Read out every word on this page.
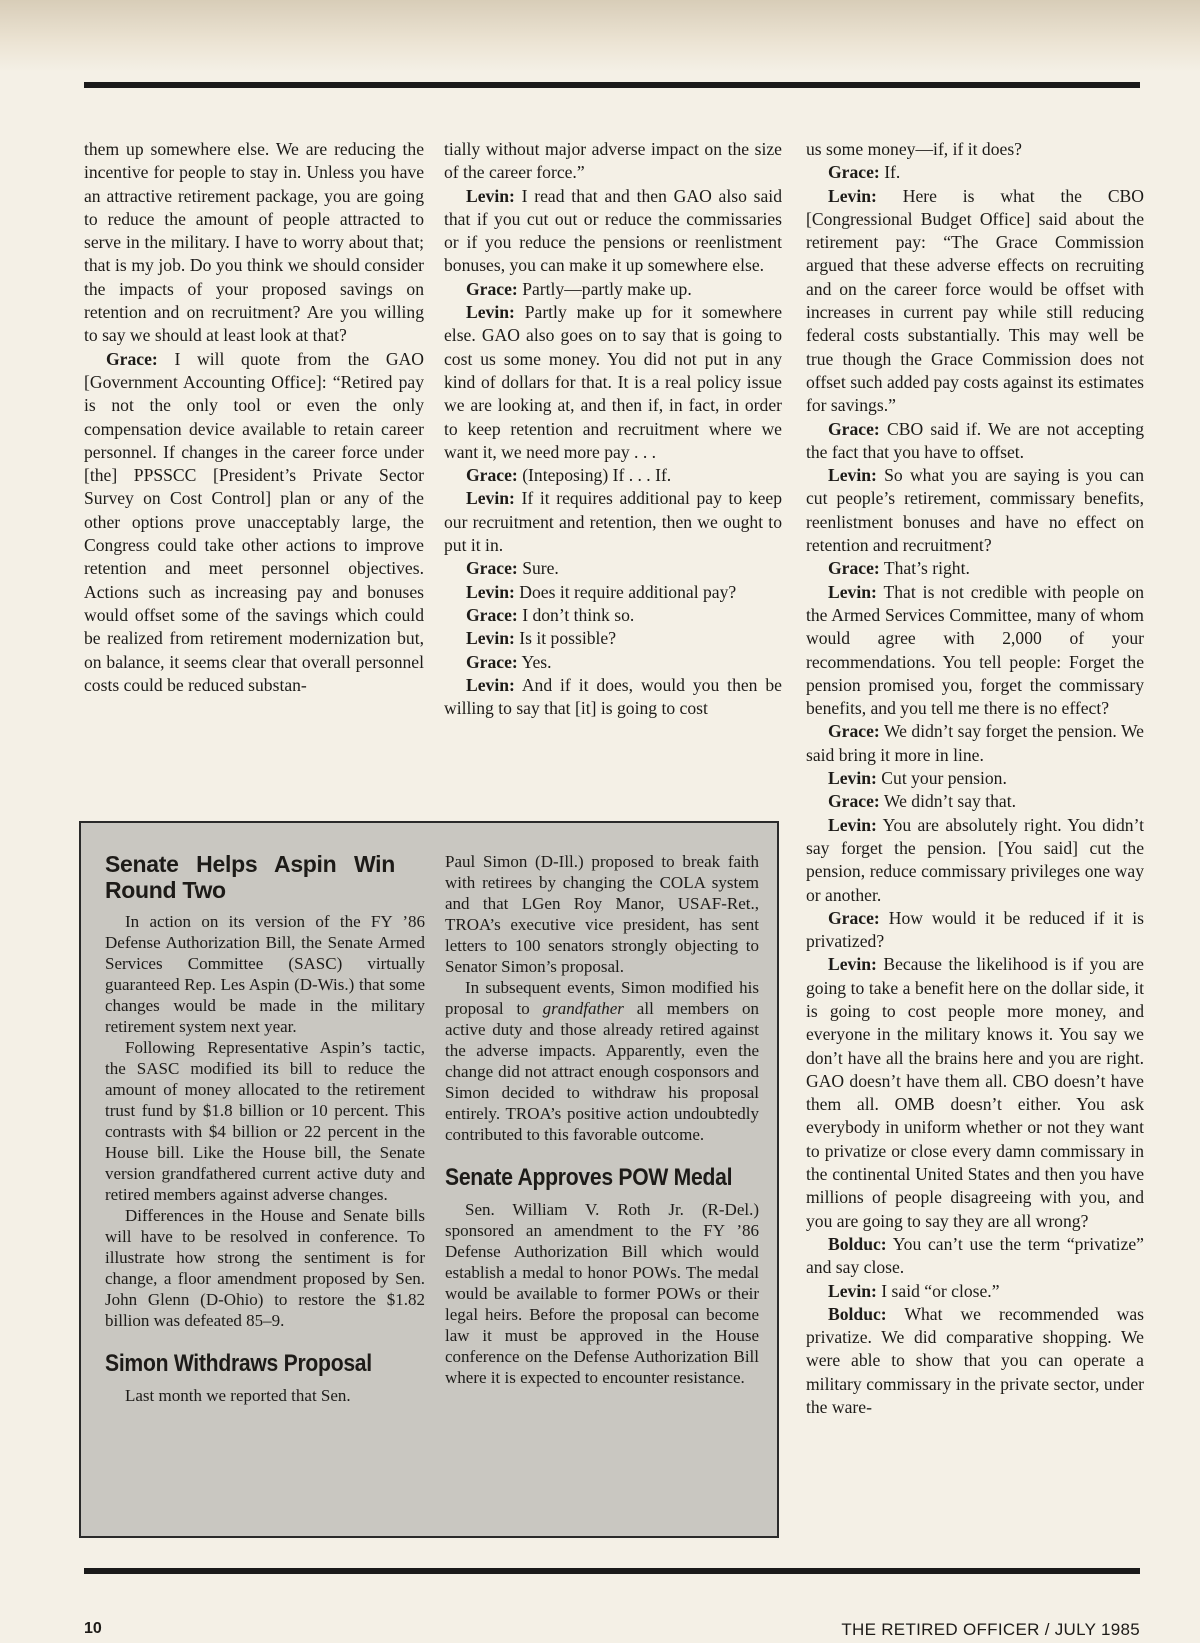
them up somewhere else. We are reducing the incentive for people to stay in. Unless you have an attractive retirement package, you are going to reduce the amount of people attracted to serve in the military. I have to worry about that; that is my job. Do you think we should consider the impacts of your proposed savings on retention and on recruitment? Are you willing to say we should at least look at that?

Grace: I will quote from the GAO [Government Accounting Office]: “Retired pay is not the only tool or even the only compensation device available to retain career personnel. If changes in the career force under [the] PPSSCC [President’s Private Sector Survey on Cost Control] plan or any of the other options prove unacceptably large, the Congress could take other actions to improve retention and meet personnel objectives. Actions such as increasing pay and bonuses would offset some of the savings which could be realized from retirement modernization but, on balance, it seems clear that overall personnel costs could be reduced substan-

tially without major adverse impact on the size of the career force.”

Levin: I read that and then GAO also said that if you cut out or reduce the commissaries or if you reduce the pensions or reenlistment bonuses, you can make it up somewhere else.

Grace: Partly—partly make up.

Levin: Partly make up for it somewhere else. GAO also goes on to say that is going to cost us some money. You did not put in any kind of dollars for that. It is a real policy issue we are looking at, and then if, in fact, in order to keep retention and recruitment where we want it, we need more pay . . .

Grace: (Inteposing) If . . . If.

Levin: If it requires additional pay to keep our recruitment and retention, then we ought to put it in.

Grace: Sure.

Levin: Does it require additional pay?

Grace: I don’t think so.

Levin: Is it possible?

Grace: Yes.

Levin: And if it does, would you then be willing to say that [it] is going to cost

us some money—if, if it does?

Grace: If.

Levin: Here is what the CBO [Congressional Budget Office] said about the retirement pay: “The Grace Commission argued that these adverse effects on recruiting and on the career force would be offset with increases in current pay while still reducing federal costs substantially. This may well be true though the Grace Commission does not offset such added pay costs against its estimates for savings.”

Grace: CBO said if. We are not accepting the fact that you have to offset.

Levin: So what you are saying is you can cut people’s retirement, commissary benefits, reenlistment bonuses and have no effect on retention and recruitment?

Grace: That’s right.

Levin: That is not credible with people on the Armed Services Committee, many of whom would agree with 2,000 of your recommendations. You tell people: Forget the pension promised you, forget the commissary benefits, and you tell me there is no effect?

Grace: We didn’t say forget the pension. We said bring it more in line.

Levin: Cut your pension.

Grace: We didn’t say that.

Levin: You are absolutely right. You didn’t say forget the pension. [You said] cut the pension, reduce commissary privileges one way or another.

Grace: How would it be reduced if it is privatized?

Levin: Because the likelihood is if you are going to take a benefit here on the dollar side, it is going to cost people more money, and everyone in the military knows it. You say we don’t have all the brains here and you are right. GAO doesn’t have them all. CBO doesn’t have them all. OMB doesn’t either. You ask everybody in uniform whether or not they want to privatize or close every damn commissary in the continental United States and then you have millions of people disagreeing with you, and you are going to say they are all wrong?

Bolduc: You can’t use the term “privatize” and say close.

Levin: I said “or close.”

Bolduc: What we recommended was privatize. We did comparative shopping. We were able to show that you can operate a military commissary in the private sector, under the ware-

Senate Helps Aspin Win Round Two

In action on its version of the FY ’86 Defense Authorization Bill, the Senate Armed Services Committee (SASC) virtually guaranteed Rep. Les Aspin (D-Wis.) that some changes would be made in the military retirement system next year.

Following Representative Aspin’s tactic, the SASC modified its bill to reduce the amount of money allocated to the retirement trust fund by $1.8 billion or 10 percent. This contrasts with $4 billion or 22 percent in the House bill. Like the House bill, the Senate version grandfathered current active duty and retired members against adverse changes.

Differences in the House and Senate bills will have to be resolved in conference. To illustrate how strong the sentiment is for change, a floor amendment proposed by Sen. John Glenn (D-Ohio) to restore the $1.82 billion was defeated 85–9.

Simon Withdraws Proposal

Last month we reported that Sen.

Paul Simon (D-Ill.) proposed to break faith with retirees by changing the COLA system and that LGen Roy Manor, USAF-Ret., TROA’s executive vice president, has sent letters to 100 senators strongly objecting to Senator Simon’s proposal.

In subsequent events, Simon modified his proposal to grandfather all members on active duty and those already retired against the adverse impacts. Apparently, even the change did not attract enough cosponsors and Simon decided to withdraw his proposal entirely. TROA’s positive action undoubtedly contributed to this favorable outcome.

Senate Approves POW Medal

Sen. William V. Roth Jr. (R-Del.) sponsored an amendment to the FY ’86 Defense Authorization Bill which would establish a medal to honor POWs. The medal would be available to former POWs or their legal heirs. Before the proposal can become law it must be approved in the House conference on the Defense Authorization Bill where it is expected to encounter resistance.

10	THE RETIRED OFFICER / JULY 1985
